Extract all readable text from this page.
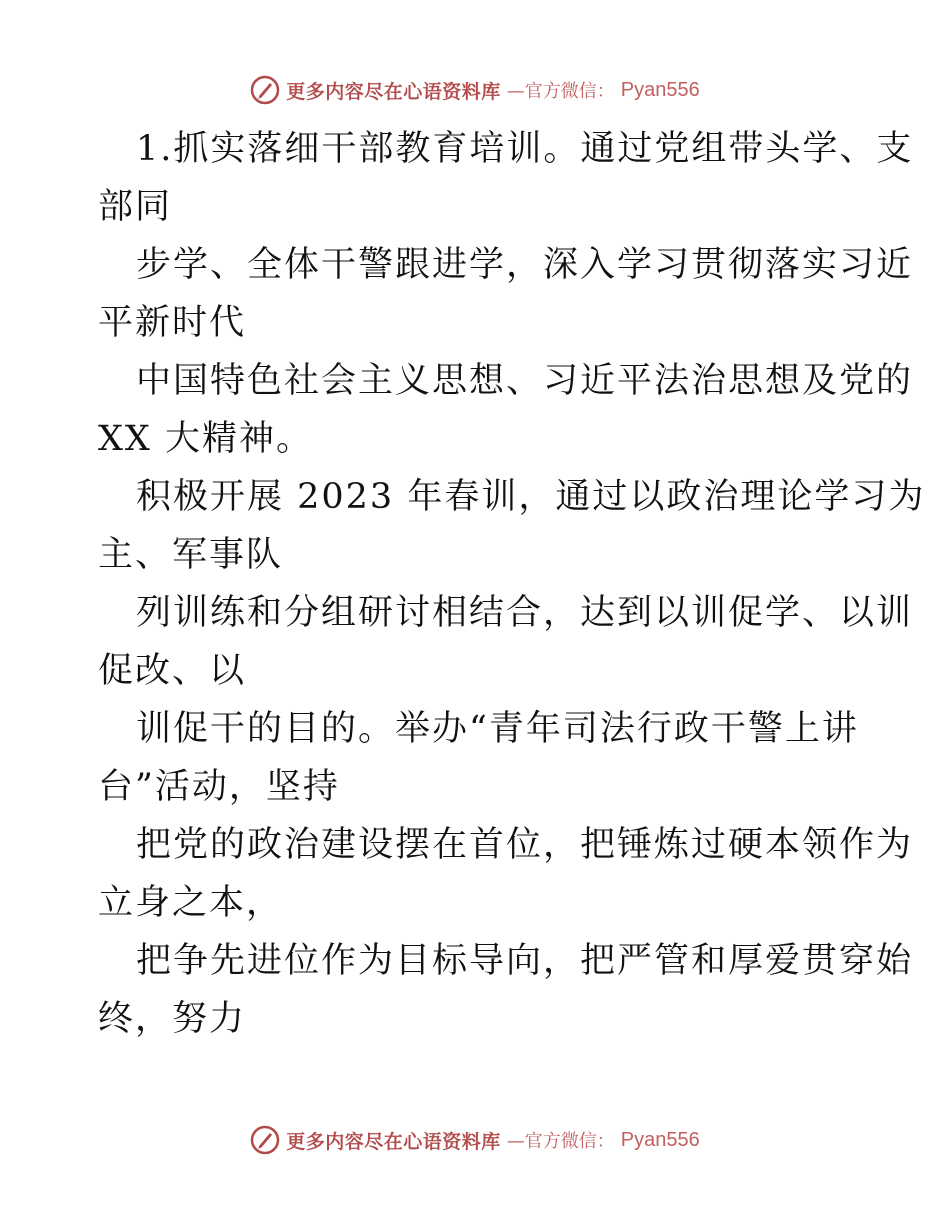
更多内容尽在心语资料库 —官方微信： Pyan556
1.抓实落细干部教育培训。通过党组带头学、支
部同
步学、全体干警跟进学，深入学习贯彻落实习近
平新时代
中国特色社会主义思想、习近平法治思想及党的
XX 大精神。
积极开展 2023 年春训，通过以政治理论学习为
主、军事队
列训练和分组研讨相结合，达到以训促学、以训
促改、以
训促干的目的。举办“青年司法行政干警上讲
台”活动，坚持
把党的政治建设摆在首位，把锤炼过硬本领作为
立身之本，
把争先进位作为目标导向，把严管和厚爱贯穿始
终，努力
更多内容尽在心语资料库 —官方微信： Pyan556
